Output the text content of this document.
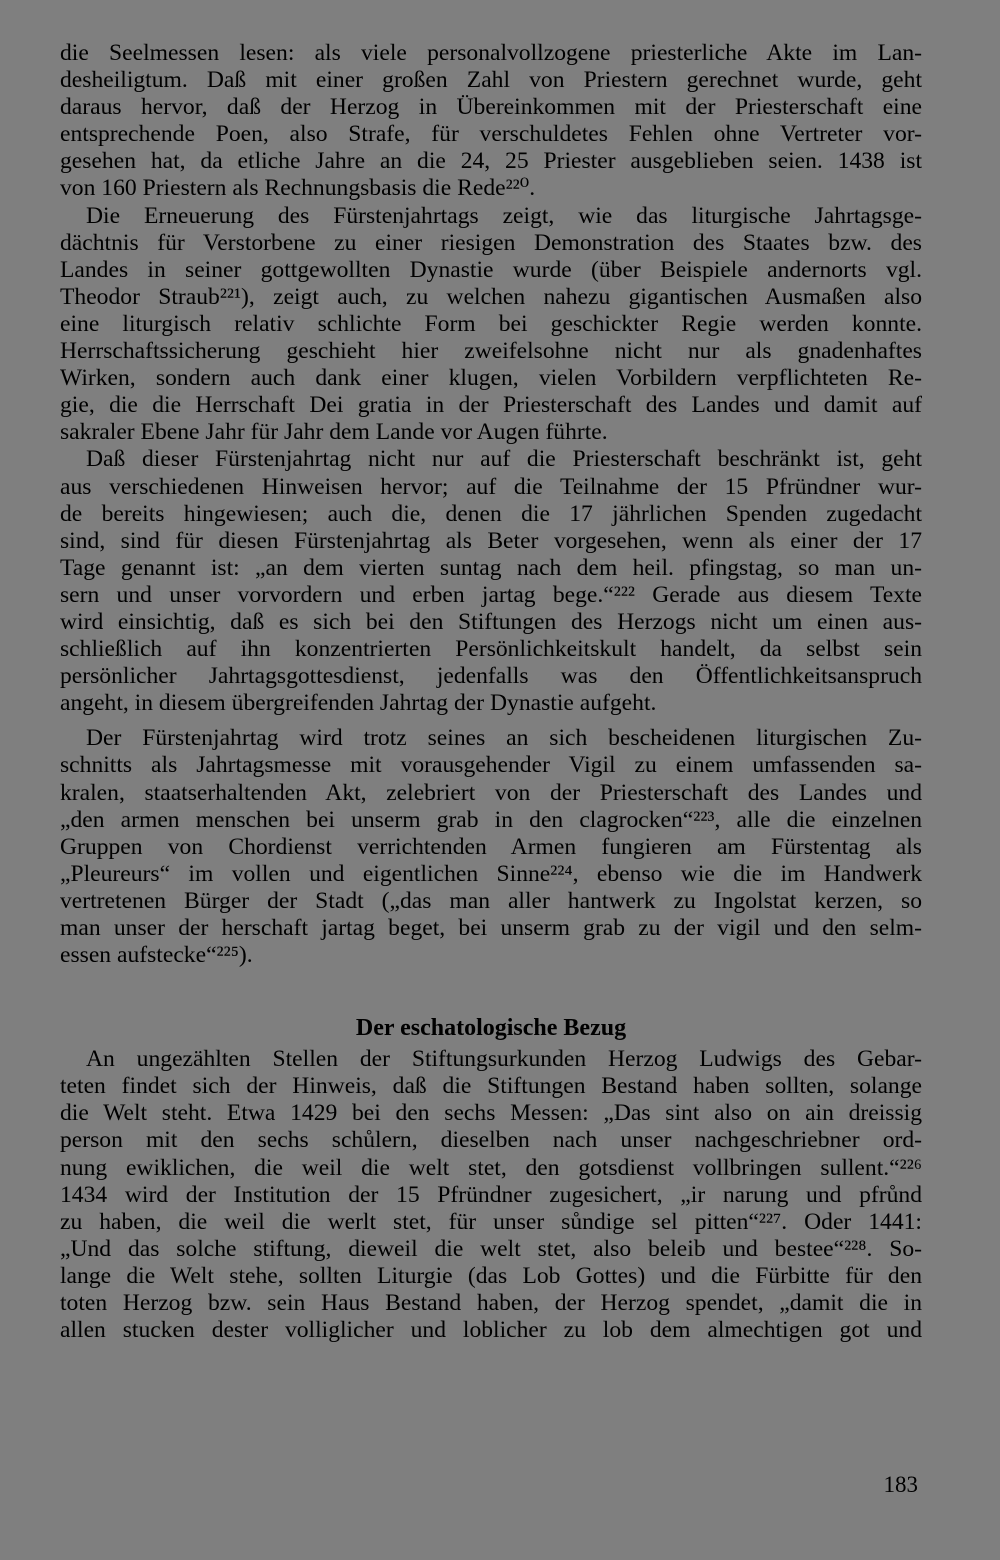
die Seelmessen lesen: als viele personalvollzogene priesterliche Akte im Lan-
desheiligtum. Daß mit einer großen Zahl von Priestern gerechnet wurde, geht
daraus hervor, daß der Herzog in Übereinkommen mit der Priesterschaft eine
entsprechende Poen, also Strafe, für verschuldetes Fehlen ohne Vertreter vor-
gesehen hat, da etliche Jahre an die 24, 25 Priester ausgeblieben seien. 1438 ist
von 160 Priestern als Rechnungsbasis die Rede²²⁰.

Die Erneuerung des Fürstenjahrtags zeigt, wie das liturgische Jahrtagsge-
dächtnis für Verstorbene zu einer riesigen Demonstration des Staates bzw. des
Landes in seiner gottgewollten Dynastie wurde (über Beispiele andernorts vgl.
Theodor Straub²²¹), zeigt auch, zu welchen nahezu gigantischen Ausmaßen also
eine liturgisch relativ schlichte Form bei geschickter Regie werden konnte.
Herrschaftssicherung geschieht hier zweifelsohne nicht nur als gnadenhaftes
Wirken, sondern auch dank einer klugen, vielen Vorbildern verpflichteten Re-
gie, die die Herrschaft Dei gratia in der Priesterschaft des Landes und damit auf
sakraler Ebene Jahr für Jahr dem Lande vor Augen führte.

Daß dieser Fürstenjahrtag nicht nur auf die Priesterschaft beschränkt ist, geht
aus verschiedenen Hinweisen hervor; auf die Teilnahme der 15 Pfründner wur-
de bereits hingewiesen; auch die, denen die 17 jährlichen Spenden zugedacht
sind, sind für diesen Fürstenjahrtag als Beter vorgesehen, wenn als einer der 17
Tage genannt ist: „an dem vierten suntag nach dem heil. pfingstag, so man un-
sern und unser vorvordern und erben jartag bege.“²²² Gerade aus diesem Texte
wird einsichtig, daß es sich bei den Stiftungen des Herzogs nicht um einen aus-
schließlich auf ihn konzentrierten Persönlichkeitskult handelt, da selbst sein
persönlicher Jahrtagsgottesdienst, jedenfalls was den Öffentlichkeitsanspruch
angeht, in diesem übergreifenden Jahrtag der Dynastie aufgeht.

Der Fürstenjahrtag wird trotz seines an sich bescheidenen liturgischen Zu-
schnitts als Jahrtagsmesse mit vorausgehender Vigil zu einem umfassenden sa-
kralen, staatserhaltenden Akt, zelebriert von der Priesterschaft des Landes und
„den armen menschen bei unserm grab in den clagrocken“²²³, alle die einzelnen
Gruppen von Chordienst verrichtenden Armen fungieren am Fürstentag als
„Pleureurs“ im vollen und eigentlichen Sinne²²⁴, ebenso wie die im Handwerk
vertretenen Bürger der Stadt („das man aller hantwerk zu Ingolstat kerzen, so
man unser der herschaft jartag beget, bei unserm grab zu der vigil und den selm-
essen aufstecke“²²⁵).

Der eschatologische Bezug

An ungezählten Stellen der Stiftungsurkunden Herzog Ludwigs des Gebar-
teten findet sich der Hinweis, daß die Stiftungen Bestand haben sollten, solange
die Welt steht. Etwa 1429 bei den sechs Messen: „Das sint also on ain dreissig
person mit den sechs schůlern, dieselben nach unser nachgeschriebner ord-
nung ewiklichen, die weil die welt stet, den gotsdienst vollbringen sullent.“²²⁶
1434 wird der Institution der 15 Pfründner zugesichert, „ir narung und pfrůnd
zu haben, die weil die werlt stet, für unser sůndige sel pitten“²²⁷. Oder 1441:
„Und das solche stiftung, dieweil die welt stet, also beleib und bestee“²²⁸. So-
lange die Welt stehe, sollten Liturgie (das Lob Gottes) und die Fürbitte für den
toten Herzog bzw. sein Haus Bestand haben, der Herzog spendet, „damit die in
allen stucken dester volliglicher und loblicher zu lob dem almechtigen got und

183
